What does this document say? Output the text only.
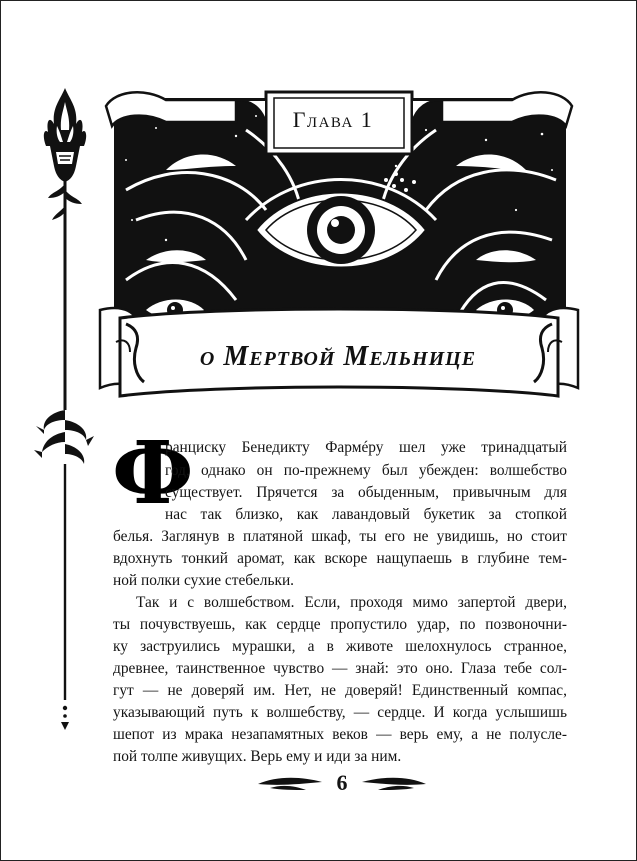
Глава 1
о Мертвой Мельнице
Ф
ранциску Бенедикту Фармéру шел уже тринадцатый
год, однако он по-прежнему был убежден: волшебство
существует. Прячется за обыденным, привычным для
нас так близко, как лавандовый букетик за стопкой
белья. Заглянув в платяной шкаф, ты его не увидишь, но стоит
вдохнуть тонкий аромат, как вскоре нащупаешь в глубине тем-
ной полки сухие стебельки.
Так и с волшебством. Если, проходя мимо запертой двери,
ты почувствуешь, как сердце пропустило удар, по позвоночни-
ку заструились мурашки, а в животе шелохнулось странное,
древнее, таинственное чувство — знай: это оно. Глаза тебе сол-
гут — не доверяй им. Нет, не доверяй! Единственный компас,
указывающий путь к волшебству, — сердце. И когда услышишь
шепот из мрака незапамятных веков — верь ему, а не полусле-
пой толпе живущих. Верь ему и иди за ним.
6
